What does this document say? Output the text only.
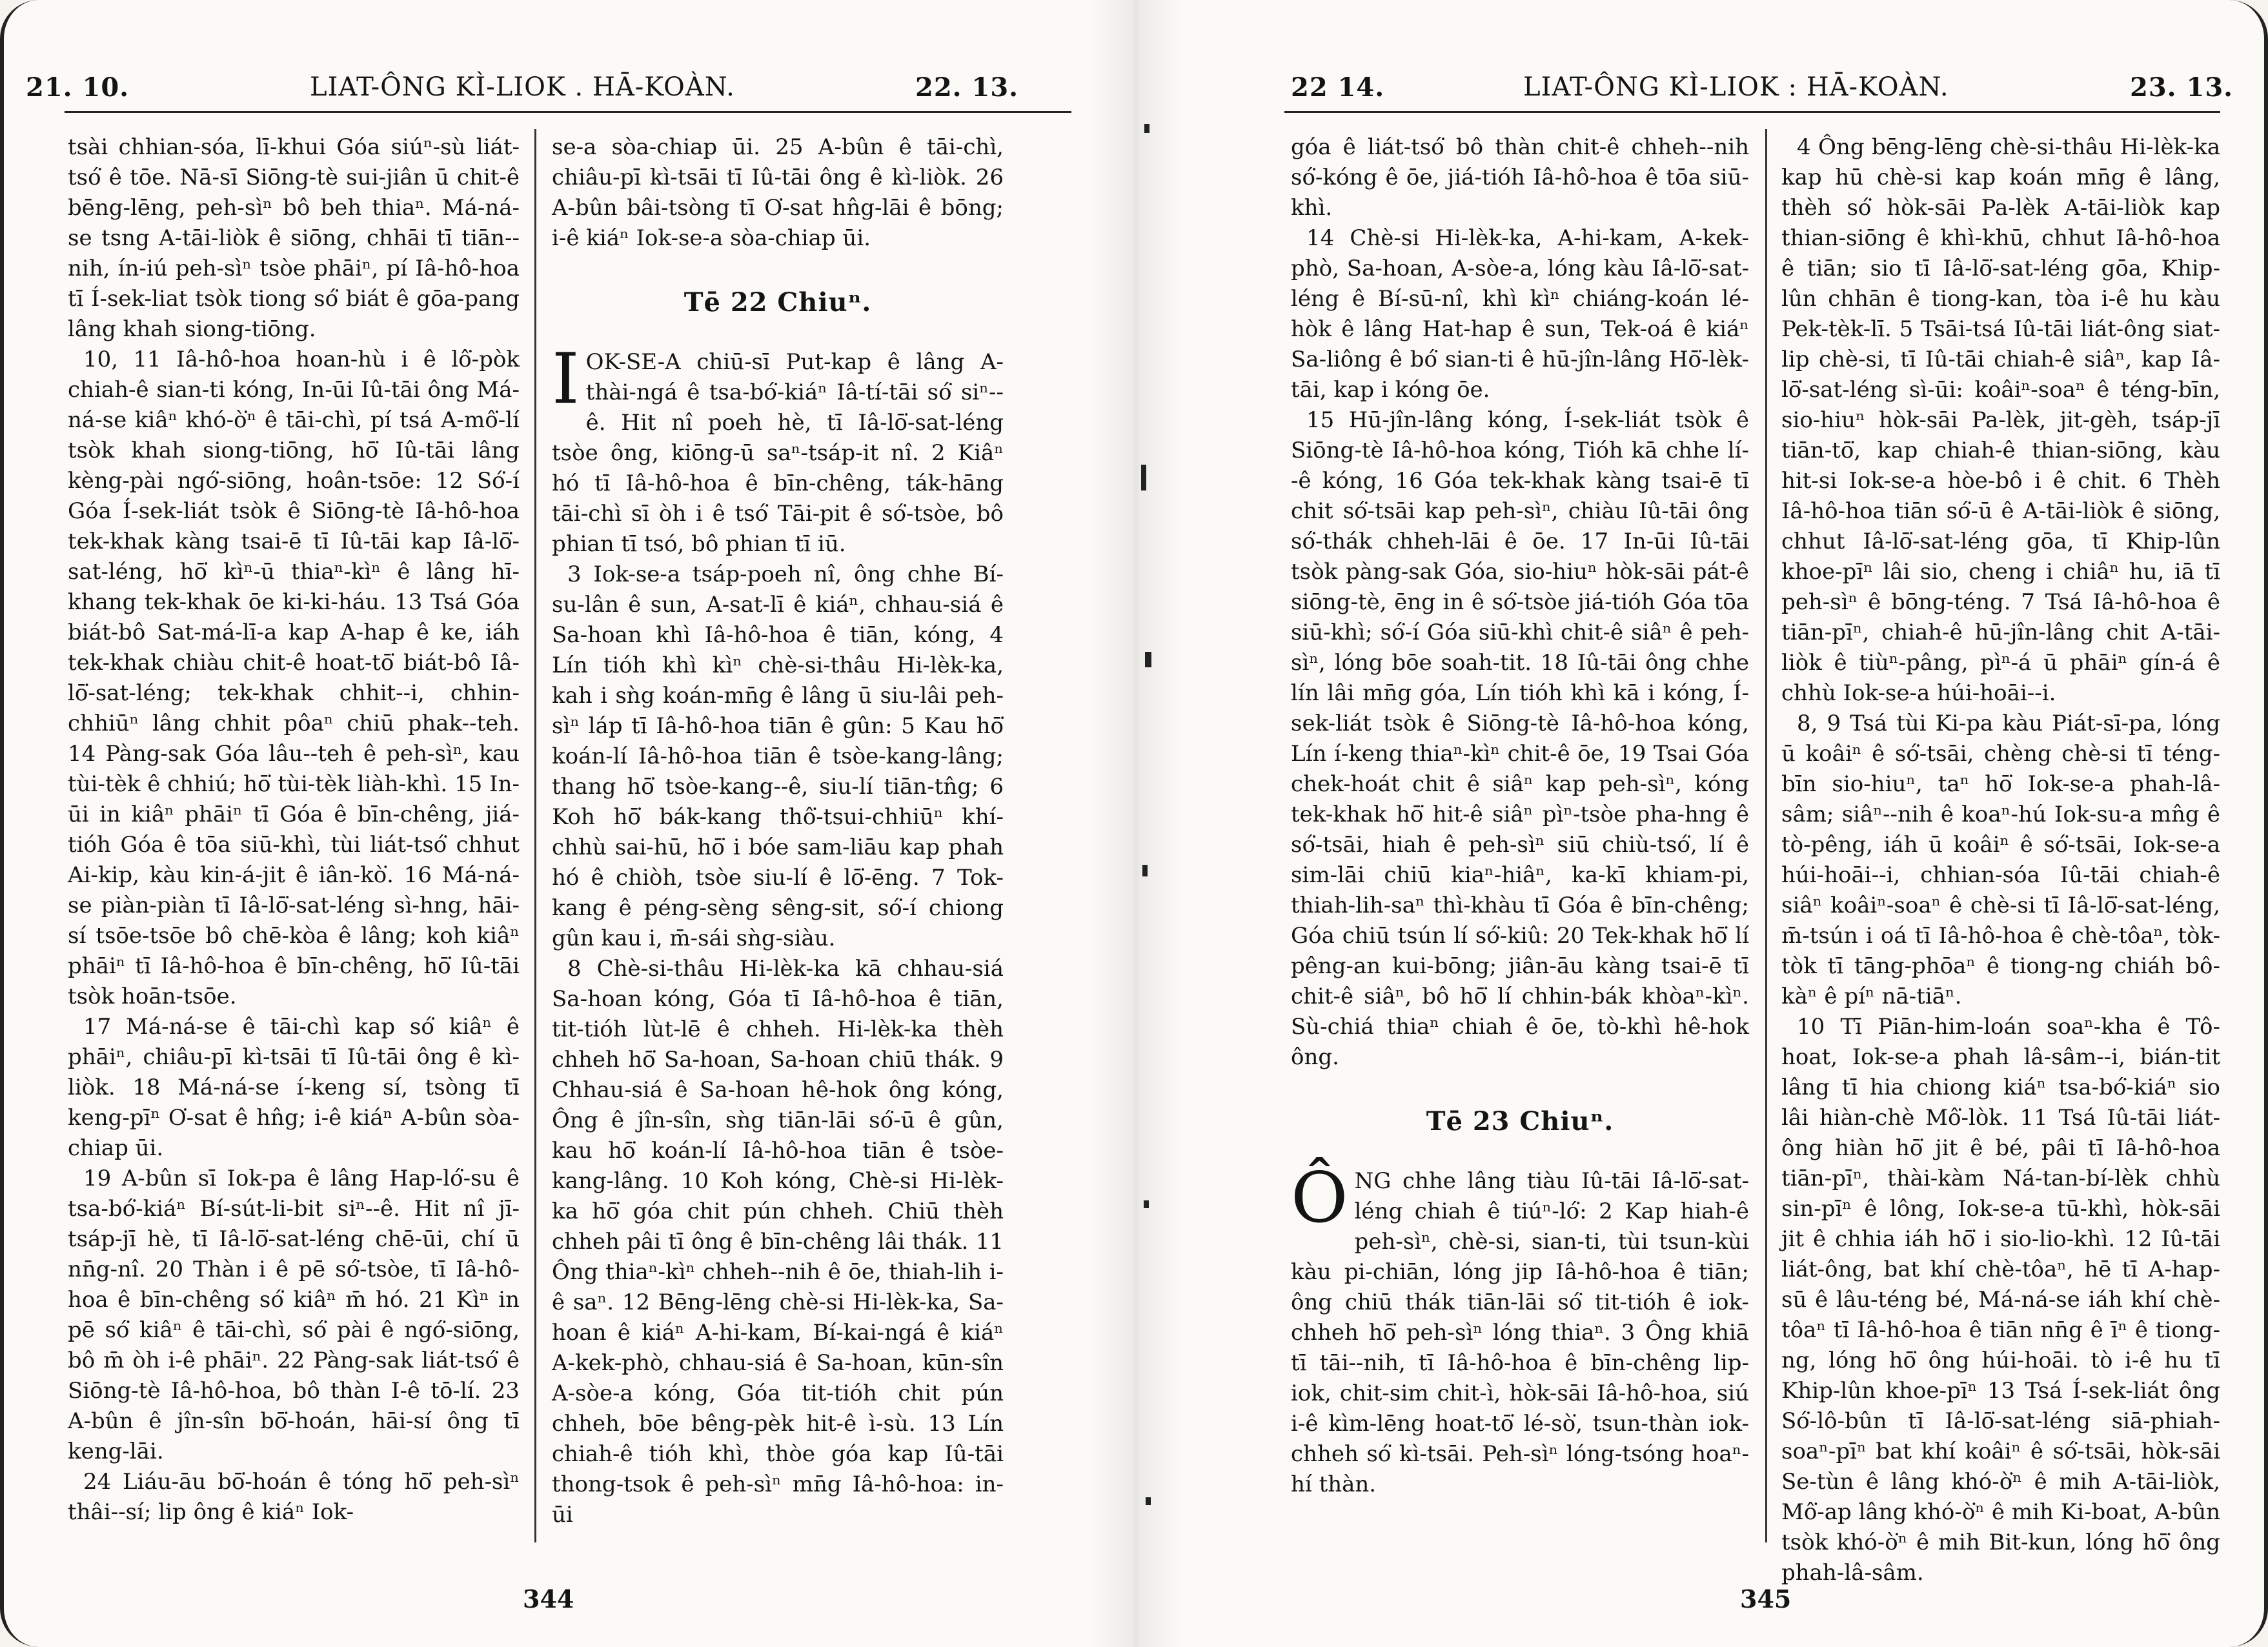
21. 10.	LIAT-ÔNG KÌ-LIOK . HĀ-KOÀN.	22. 13.

tsài chhian-sóa, lī-khui Góa siúⁿ-sù liát-tsó͘ ê tōe. Nā-sī Siōng-tè sui-jiân ū chit-ê bēng-lēng, peh-sìⁿ bô beh thiaⁿ. Má-ná-se tsng A-tāi-liòk ê siōng, chhāi tī tiān--nih, ín-iú peh-sìⁿ tsòe phāiⁿ, pí Iâ-hô-hoa tī Í-sek-liat tsòk tiong só͘ biát ê gōa-pang lâng khah siong-tiōng.

10, 11 Iâ-hô-hoa hoan-hù i ê lô͘-pòk chiah-ê sian-ti kóng, In-ūi Iû-tāi ông Má-ná-se kiâⁿ khó-ò͘ⁿ ê tāi-chì, pí tsá A-mô͘-lí tsòk khah siong-tiōng, hō͘ Iû-tāi lâng kèng-pài ngó͘-siōng, hoân-tsōe: 12 Só͘-í Góa Í-sek-liát tsòk ê Siōng-tè Iâ-hô-hoa tek-khak kàng tsai-ē tī Iû-tāi kap Iâ-lō͘-sat-léng, hō͘ kìⁿ-ū thiaⁿ-kìⁿ ê lâng hī-khang tek-khak ōe ki-ki-háu. 13 Tsá Góa biát-bô Sat-má-lī-a kap A-hap ê ke, iáh tek-khak chiàu chit-ê hoat-tō͘ biát-bô Iâ-lō͘-sat-léng; tek-khak chhit--i, chhin-chhiūⁿ lâng chhit pôaⁿ chiū phak--teh. 14 Pàng-sak Góa lâu--teh ê peh-sìⁿ, kau tùi-tèk ê chhiú; hō͘ tùi-tèk liàh-khì. 15 In-ūi in kiâⁿ phāiⁿ tī Góa ê bīn-chêng, jiá-tióh Góa ê tōa siū-khì, tùi liát-tsó͘ chhut Ai-kip, kàu kin-á-jit ê iân-kò͘. 16 Má-ná-se piàn-piàn tī Iâ-lō͘-sat-léng sì-hng, hāi-sí tsōe-tsōe bô chē-kòa ê lâng; koh kiâⁿ phāiⁿ tī Iâ-hô-hoa ê bīn-chêng, hō͘ Iû-tāi tsòk hoān-tsōe.

17 Má-ná-se ê tāi-chì kap só͘ kiâⁿ ê phāiⁿ, chiâu-pī kì-tsāi tī Iû-tāi ông ê kì-liòk. 18 Má-ná-se í-keng sí, tsòng tī keng-pīⁿ O͘-sat ê hn̂g; i-ê kiáⁿ A-bûn sòa-chiap ūi.

19 A-bûn sī Iok-pa ê lâng Hap-ló͘-su ê tsa-bó͘-kiáⁿ Bí-sút-li-bit siⁿ--ê. Hit nî jī-tsáp-jī hè, tī Iâ-lō͘-sat-léng chē-ūi, chí ū nn̄g-nî. 20 Thàn i ê pē só͘-tsòe, tī Iâ-hô-hoa ê bīn-chêng só͘ kiâⁿ m̄ hó. 21 Kìⁿ in pē só͘ kiâⁿ ê tāi-chì, só͘ pài ê ngó͘-siōng, bô m̄ òh i-ê phāiⁿ. 22 Pàng-sak liát-tsó͘ ê Siōng-tè Iâ-hô-hoa, bô thàn I-ê tō-lí. 23 A-bûn ê jîn-sîn bō͘-hoán, hāi-sí ông tī keng-lāi.

24 Liáu-āu bō͘-hoán ê tóng hō͘ peh-sìⁿ thâi--sí; lip ông ê kiáⁿ Iok-

se-a sòa-chiap ūi. 25 A-bûn ê tāi-chì, chiâu-pī kì-tsāi tī Iû-tāi ông ê kì-liòk. 26 A-bûn bâi-tsòng tī O͘-sat hn̂g-lāi ê bōng; i-ê kiáⁿ Iok-se-a sòa-chiap ūi.

Tē 22 Chiuⁿ.

IOK-SE-A chiū-sī Put-kap ê lâng A-thài-ngá ê tsa-bó͘-kiáⁿ Iâ-tí-tāi só͘ siⁿ--ê. Hit nî poeh hè, tī Iâ-lō͘-sat-léng tsòe ông, kiōng-ū saⁿ-tsáp-it nî. 2 Kiâⁿ hó tī Iâ-hô-hoa ê bīn-chêng, ták-hāng tāi-chì sī òh i ê tsó͘ Tāi-pit ê só͘-tsòe, bô phian tī tsó, bô phian tī iū.

3 Iok-se-a tsáp-poeh nî, ông chhe Bí-su-lân ê sun, A-sat-lī ê kiáⁿ, chhau-siá ê Sa-hoan khì Iâ-hô-hoa ê tiān, kóng, 4 Lín tióh khì kìⁿ chè-si-thâu Hi-lèk-ka, kah i sǹg koán-mn̄g ê lâng ū siu-lâi peh-sìⁿ láp tī Iâ-hô-hoa tiān ê gûn: 5 Kau hō͘ koán-lí Iâ-hô-hoa tiān ê tsòe-kang-lâng; thang hō͘ tsòe-kang--ê, siu-lí tiān-tn̂g; 6 Koh hō͘ bák-kang thô͘-tsui-chhiūⁿ khí-chhù sai-hū, hō͘ i bóe sam-liāu kap phah hó ê chiòh, tsòe siu-lí ê lō͘-ēng. 7 Tok-kang ê péng-sèng sêng-sit, só͘-í chiong gûn kau i, m̄-sái sǹg-siàu.

8 Chè-si-thâu Hi-lèk-ka kā chhau-siá Sa-hoan kóng, Góa tī Iâ-hô-hoa ê tiān, tit-tióh lùt-lē ê chheh. Hi-lèk-ka thèh chheh hō͘ Sa-hoan, Sa-hoan chiū thák. 9 Chhau-siá ê Sa-hoan hê-hok ông kóng, Ông ê jîn-sîn, sǹg tiān-lāi só͘-ū ê gûn, kau hō͘ koán-lí Iâ-hô-hoa tiān ê tsòe-kang-lâng. 10 Koh kóng, Chè-si Hi-lèk-ka hō͘ góa chit pún chheh. Chiū thèh chheh pâi tī ông ê bīn-chêng lâi thák. 11 Ông thiaⁿ-kìⁿ chheh--nih ê ōe, thiah-lih i-ê saⁿ. 12 Bēng-lēng chè-si Hi-lèk-ka, Sa-hoan ê kiáⁿ A-hi-kam, Bí-kai-ngá ê kiáⁿ A-kek-phò, chhau-siá ê Sa-hoan, kūn-sîn A-sòe-a kóng, Góa tit-tióh chit pún chheh, bōe bêng-pèk hit-ê ì-sù. 13 Lín chiah-ê tióh khì, thòe góa kap Iû-tāi thong-tsok ê peh-sìⁿ mn̄g Iâ-hô-hoa: in-ūi

344
22 14.	LIAT-ÔNG KÌ-LIOK : HĀ-KOÀN.	23. 13.

góa ê liát-tsó͘ bô thàn chit-ê chheh--nih só͘-kóng ê ōe, jiá-tióh Iâ-hô-hoa ê tōa siū-khì.

14 Chè-si Hi-lèk-ka, A-hi-kam, A-kek-phò, Sa-hoan, A-sòe-a, lóng kàu Iâ-lō͘-sat-léng ê Bí-sū-nî, khì kìⁿ chiáng-koán lé-hòk ê lâng Hat-hap ê sun, Tek-oá ê kiáⁿ Sa-liông ê bó͘ sian-ti ê hū-jîn-lâng Hō͘-lèk-tāi, kap i kóng ōe.

15 Hū-jîn-lâng kóng, Í-sek-liát tsòk ê Siōng-tè Iâ-hô-hoa kóng, Tióh kā chhe lí--ê kóng, 16 Góa tek-khak kàng tsai-ē tī chit só͘-tsāi kap peh-sìⁿ, chiàu Iû-tāi ông só͘-thák chheh-lāi ê ōe. 17 In-ūi Iû-tāi tsòk pàng-sak Góa, sio-hiuⁿ hòk-sāi pát-ê siōng-tè, ēng in ê só͘-tsòe jiá-tióh Góa tōa siū-khì; só͘-í Góa siū-khì chit-ê siâⁿ ê peh-sìⁿ, lóng bōe soah-tit. 18 Iû-tāi ông chhe lín lâi mn̄g góa, Lín tióh khì kā i kóng, Í-sek-liát tsòk ê Siōng-tè Iâ-hô-hoa kóng, Lín í-keng thiaⁿ-kìⁿ chit-ê ōe, 19 Tsai Góa chek-hoát chit ê siâⁿ kap peh-sìⁿ, kóng tek-khak hō͘ hit-ê siâⁿ pìⁿ-tsòe pha-hng ê só͘-tsāi, hiah ê peh-sìⁿ siū chiù-tsó͘, lí ê sim-lāi chiū kiaⁿ-hiâⁿ, ka-kī khiam-pi, thiah-lih-saⁿ thì-khàu tī Góa ê bīn-chêng; Góa chiū tsún lí só͘-kiû: 20 Tek-khak hō͘ lí pêng-an kui-bōng; jiân-āu kàng tsai-ē tī chit-ê siâⁿ, bô hō͘ lí chhin-bák khòaⁿ-kìⁿ. Sù-chiá thiaⁿ chiah ê ōe, tò-khì hê-hok ông.

Tē 23 Chiuⁿ.

ÔNG chhe lâng tiàu Iû-tāi Iâ-lō͘-sat-léng chiah ê tiúⁿ-ló͘: 2 Kap hiah-ê peh-sìⁿ, chè-si, sian-ti, tùi tsun-kùi kàu pi-chiān, lóng jip Iâ-hô-hoa ê tiān; ông chiū thák tiān-lāi só͘ tit-tióh ê iok-chheh hō͘ peh-sìⁿ lóng thiaⁿ. 3 Ông khiā tī tāi--nih, tī Iâ-hô-hoa ê bīn-chêng lip-iok, chit-sim chit-ì, hòk-sāi Iâ-hô-hoa, siú i-ê kìm-lēng hoat-tō͘ lé-sò͘, tsun-thàn iok-chheh só͘ kì-tsāi. Peh-sìⁿ lóng-tsóng hoaⁿ-hí thàn.

4 Ông bēng-lēng chè-si-thâu Hi-lèk-ka kap hū chè-si kap koán mn̄g ê lâng, thèh só͘ hòk-sāi Pa-lèk A-tāi-liòk kap thian-siōng ê khì-khū, chhut Iâ-hô-hoa ê tiān; sio tī Iâ-lō͘-sat-léng gōa, Khip-lûn chhān ê tiong-kan, tòa i-ê hu kàu Pek-tèk-lī. 5 Tsāi-tsá Iû-tāi liát-ông siat-lip chè-si, tī Iû-tāi chiah-ê siâⁿ, kap Iâ-lō͘-sat-léng sì-ūi: koâiⁿ-soaⁿ ê téng-bīn, sio-hiuⁿ hòk-sāi Pa-lèk, jit-gèh, tsáp-jī tiān-tō͘, kap chiah-ê thian-siōng, kàu hit-si Iok-se-a hòe-bô i ê chit. 6 Thèh Iâ-hô-hoa tiān só͘-ū ê A-tāi-liòk ê siōng, chhut Iâ-lō͘-sat-léng gōa, tī Khip-lûn khoe-pīⁿ lâi sio, cheng i chiâⁿ hu, iā tī peh-sìⁿ ê bōng-téng. 7 Tsá Iâ-hô-hoa ê tiān-pīⁿ, chiah-ê hū-jîn-lâng chit A-tāi-liòk ê tiùⁿ-pâng, pìⁿ-á ū phāiⁿ gín-á ê chhù Iok-se-a húi-hoāi--i.

8, 9 Tsá tùi Ki-pa kàu Piát-sī-pa, lóng ū koâiⁿ ê só͘-tsāi, chèng chè-si tī téng-bīn sio-hiuⁿ, taⁿ hō͘ Iok-se-a phah-lâ-sâm; siâⁿ--nih ê koaⁿ-hú Iok-su-a mn̂g ê tò-pêng, iáh ū koâiⁿ ê só͘-tsāi, Iok-se-a húi-hoāi--i, chhian-sóa Iû-tāi chiah-ê siâⁿ koâiⁿ-soaⁿ ê chè-si tī Iâ-lō͘-sat-léng, m̄-tsún i oá tī Iâ-hô-hoa ê chè-tôaⁿ, tòk-tòk tī tāng-phōaⁿ ê tiong-ng chiáh bô-kàⁿ ê píⁿ nā-tiāⁿ.

10 Tī Piān-him-loán soaⁿ-kha ê Tô-hoat, Iok-se-a phah lâ-sâm--i, bián-tit lâng tī hia chiong kiáⁿ tsa-bó͘-kiáⁿ sio lâi hiàn-chè Mô͘-lòk. 11 Tsá Iû-tāi liát-ông hiàn hō͘ jit ê bé, pâi tī Iâ-hô-hoa tiān-pīⁿ, thài-kàm Ná-tan-bí-lèk chhù sin-pīⁿ ê lông, Iok-se-a tū-khì, hòk-sāi jit ê chhia iáh hō͘ i sio-lio-khì. 12 Iû-tāi liát-ông, bat khí chè-tôaⁿ, hē tī A-hap-sū ê lâu-téng bé, Má-ná-se iáh khí chè-tôaⁿ tī Iâ-hô-hoa ê tiān nn̄g ê īⁿ ê tiong-ng, lóng hō͘ ông húi-hoāi. tò i-ê hu tī Khip-lûn khoe-pīⁿ 13 Tsá Í-sek-liát ông Só͘-lô-bûn tī Iâ-lō͘-sat-léng siā-phiah-soaⁿ-pīⁿ bat khí koâiⁿ ê só͘-tsāi, hòk-sāi Se-tùn ê lâng khó-ò͘ⁿ ê mih A-tāi-liòk, Mô͘-ap lâng khó-ò͘ⁿ ê mih Ki-boat, A-bûn tsòk khó-ò͘ⁿ ê mih Bit-kun, lóng hō͘ ông phah-lâ-sâm.

345
